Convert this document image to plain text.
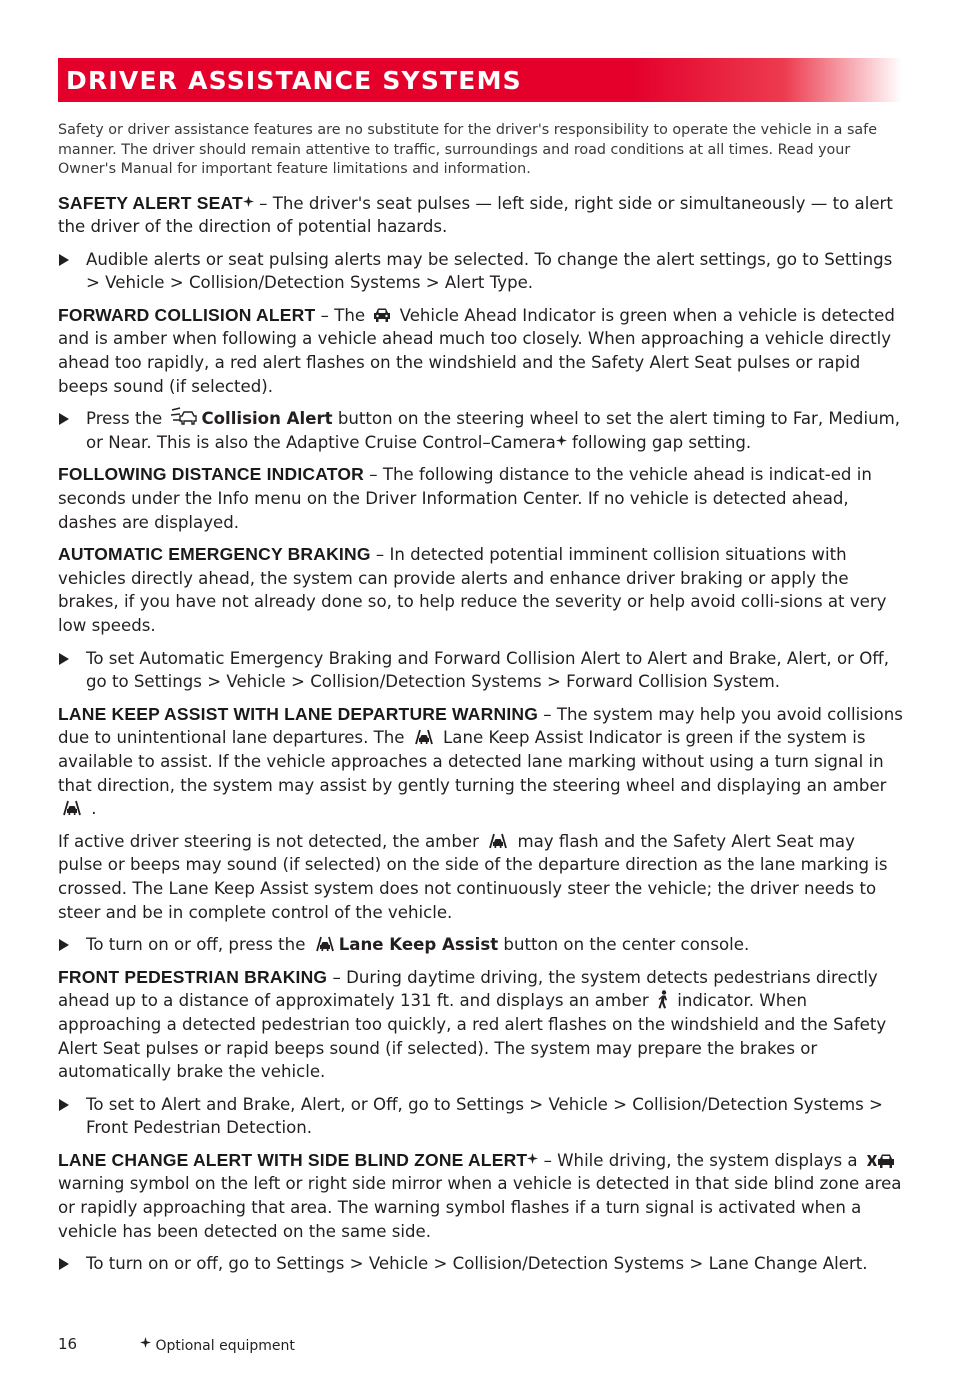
DRIVER ASSISTANCE SYSTEMS

Safety or driver assistance features are no substitute for the driver's responsibility to operate the vehicle in a safe manner. The driver should remain attentive to traffic, surroundings and road conditions at all times. Read your Owner's Manual for important feature limitations and information.

SAFETY ALERT SEAT – The driver's seat pulses — left side, right side or simultaneously — to alert the driver of the direction of potential hazards.

Audible alerts or seat pulsing alerts may be selected. To change the alert settings, go to Settings > Vehicle > Collision/Detection Systems > Alert Type.

FORWARD COLLISION ALERT – The  Vehicle Ahead Indicator is green when a vehicle is detected and is amber when following a vehicle ahead much too closely. When approaching a vehicle directly ahead too rapidly, a red alert flashes on the windshield and the Safety Alert Seat pulses or rapid beeps sound (if selected).

Press the Collision Alert button on the steering wheel to set the alert timing to Far, Medium, or Near. This is also the Adaptive Cruise Control–Camera following gap setting.

FOLLOWING DISTANCE INDICATOR – The following distance to the vehicle ahead is indicat-ed in seconds under the Info menu on the Driver Information Center. If no vehicle is detected ahead, dashes are displayed.

AUTOMATIC EMERGENCY BRAKING – In detected potential imminent collision situations with vehicles directly ahead, the system can provide alerts and enhance driver braking or apply the brakes, if you have not already done so, to help reduce the severity or help avoid colli-sions at very low speeds.

To set Automatic Emergency Braking and Forward Collision Alert to Alert and Brake, Alert, or Off, go to Settings > Vehicle > Collision/Detection Systems > Forward Collision System.

LANE KEEP ASSIST WITH LANE DEPARTURE WARNING – The system may help you avoid collisions due to unintentional lane departures. The  Lane Keep Assist Indicator is green if the system is available to assist. If the vehicle approaches a detected lane marking without using a turn signal in that direction, the system may assist by gently turning the steering wheel and displaying an amber  .

If active driver steering is not detected, the amber  may flash and the Safety Alert Seat may pulse or beeps may sound (if selected) on the side of the departure direction as the lane marking is crossed. The Lane Keep Assist system does not continuously steer the vehicle; the driver needs to steer and be in complete control of the vehicle.

To turn on or off, press the Lane Keep Assist button on the center console.

FRONT PEDESTRIAN BRAKING – During daytime driving, the system detects pedestrians directly ahead up to a distance of approximately 131 ft. and displays an amber  indicator. When approaching a detected pedestrian too quickly, a red alert flashes on the windshield and the Safety Alert Seat pulses or rapid beeps sound (if selected). The system may prepare the brakes or automatically brake the vehicle.

To set to Alert and Brake, Alert, or Off, go to Settings > Vehicle > Collision/Detection Systems > Front Pedestrian Detection.

LANE CHANGE ALERT WITH SIDE BLIND ZONE ALERT – While driving, the system displays a  warning symbol on the left or right side mirror when a vehicle is detected in that side blind zone area or rapidly approaching that area. The warning symbol flashes if a turn signal is activated when a vehicle has been detected on the same side.

To turn on or off, go to Settings > Vehicle > Collision/Detection Systems > Lane Change Alert.
16	Optional equipment
